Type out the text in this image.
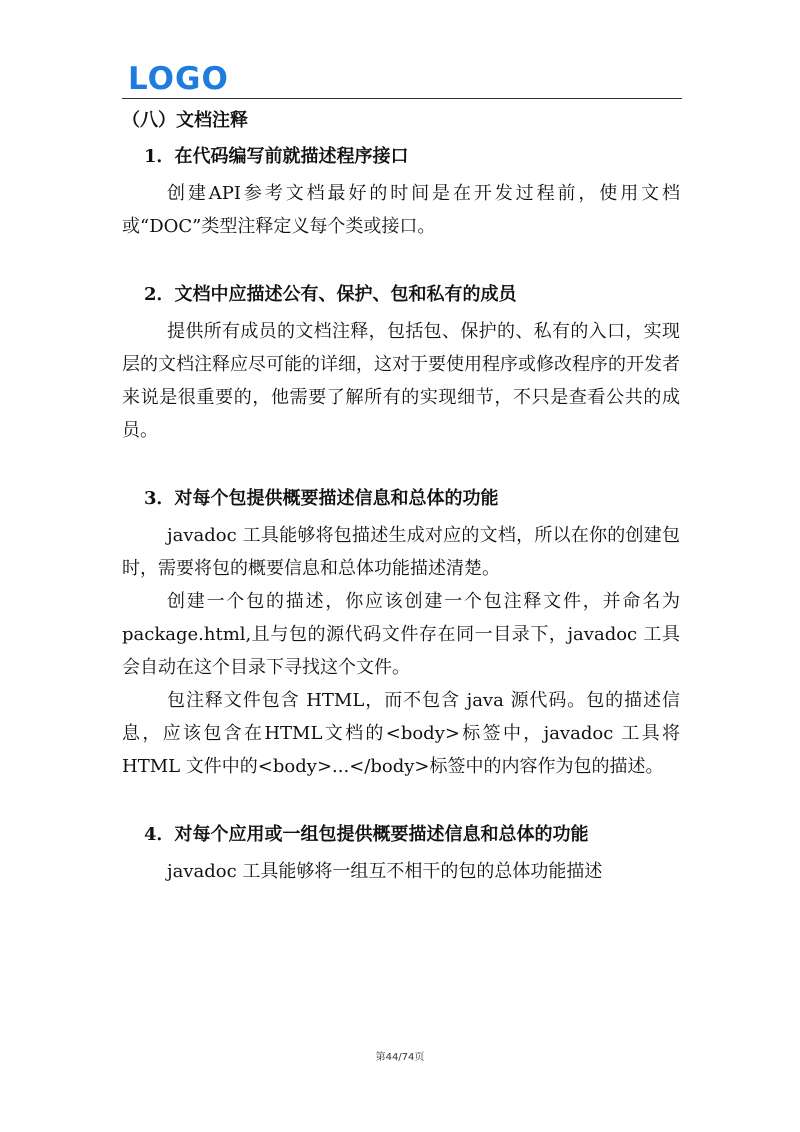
LOGO
（八）文档注释
1．在代码编写前就描述程序接口

创建API参考文档最好的时间是在开发过程前，使用文档或“DOC”类型注释定义每个类或接口。

2．文档中应描述公有、保护、包和私有的成员

提供所有成员的文档注释，包括包、保护的、私有的入口，实现层的文档注释应尽可能的详细，这对于要使用程序或修改程序的开发者来说是很重要的，他需要了解所有的实现细节，不只是查看公共的成员。

3．对每个包提供概要描述信息和总体的功能

javadoc 工具能够将包描述生成对应的文档，所以在你的创建包时，需要将包的概要信息和总体功能描述清楚。

创建一个包的描述，你应该创建一个包注释文件，并命名为 package.html,且与包的源代码文件存在同一目录下，javadoc 工具会自动在这个目录下寻找这个文件。

包注释文件包含 HTML，而不包含 java 源代码。包的描述信息，应该包含在HTML文档的<body>标签中，javadoc 工具将 HTML 文件中的<body>...</body>标签中的内容作为包的描述。

4．对每个应用或一组包提供概要描述信息和总体的功能

javadoc 工具能够将一组互不相干的包的总体功能描述

第44/74页
